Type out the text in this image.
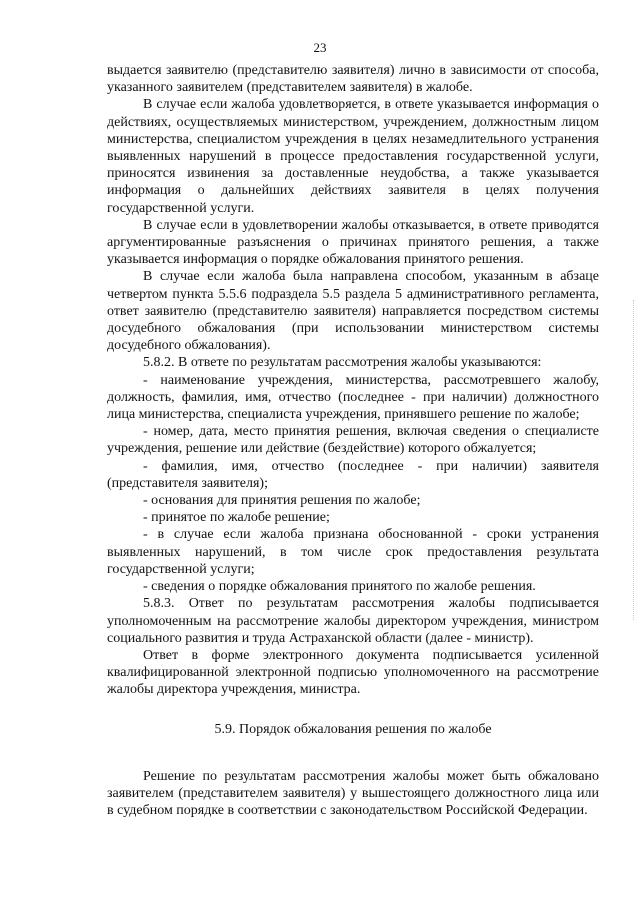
23

выдается заявителю (представителю заявителя) лично в зависимости от способа, указанного заявителем (представителем заявителя) в жалобе.

В случае если жалоба удовлетворяется, в ответе указывается информация о действиях, осуществляемых министерством, учреждением, должностным лицом министерства, специалистом учреждения в целях незамедлительного устранения выявленных нарушений в процессе предоставления государственной услуги, приносятся извинения за доставленные неудобства, а также указывается информация о дальнейших действиях заявителя в целях получения государственной услуги.

В случае если в удовлетворении жалобы отказывается, в ответе приводятся аргументированные разъяснения о причинах принятого решения, а также указывается информация о порядке обжалования принятого решения.

В случае если жалоба была направлена способом, указанным в абзаце четвертом пункта 5.5.6 подраздела 5.5 раздела 5 административного регламента, ответ заявителю (представителю заявителя) направляется посредством системы досудебного обжалования (при использовании министерством системы досудебного обжалования).

5.8.2. В ответе по результатам рассмотрения жалобы указываются:

- наименование учреждения, министерства, рассмотревшего жалобу, должность, фамилия, имя, отчество (последнее - при наличии) должностного лица министерства, специалиста учреждения, принявшего решение по жалобе;

- номер, дата, место принятия решения, включая сведения о специалисте учреждения, решение или действие (бездействие) которого обжалуется;

- фамилия, имя, отчество (последнее - при наличии) заявителя (представителя заявителя);

- основания для принятия решения по жалобе;

- принятое по жалобе решение;

- в случае если жалоба признана обоснованной - сроки устранения выявленных нарушений, в том числе срок предоставления результата государственной услуги;

- сведения о порядке обжалования принятого по жалобе решения.

5.8.3. Ответ по результатам рассмотрения жалобы подписывается уполномоченным на рассмотрение жалобы директором учреждения, министром социального развития и труда Астраханской области (далее - министр).

Ответ в форме электронного документа подписывается усиленной квалифицированной электронной подписью уполномоченного на рассмотрение жалобы директора учреждения, министра.

5.9. Порядок обжалования решения по жалобе

Решение по результатам рассмотрения жалобы может быть обжаловано заявителем (представителем заявителя) у вышестоящего должностного лица или в судебном порядке в соответствии с законодательством Российской Федерации.
